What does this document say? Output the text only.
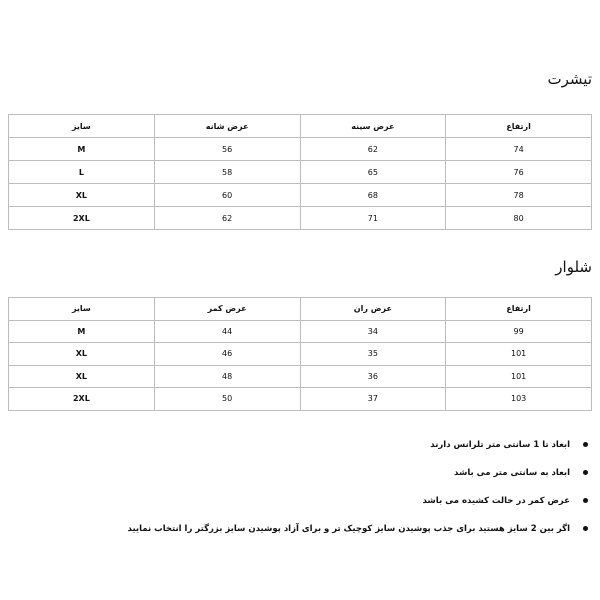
تیشرت
ارتفاع	عرض سینه	عرض شانه	سایز
74	62	56	M
76	65	58	L
78	68	60	XL
80	71	62	2XL
شلوار
ارتفاع	عرض ران	عرض کمر	سایز
99	34	44	M
101	35	46	XL
101	36	48	XL
103	37	50	2XL
ابعاد تا 1 سانتی متر تلرانس دارند
ابعاد به سانتی متر می باشد
عرض کمر در حالت کشیده می باشد
اگر بین 2 سایز هستید برای جذب پوشیدن سایز کوچیک تر و برای آزاد پوشیدن سایز بزرگتر را انتخاب نمایید
